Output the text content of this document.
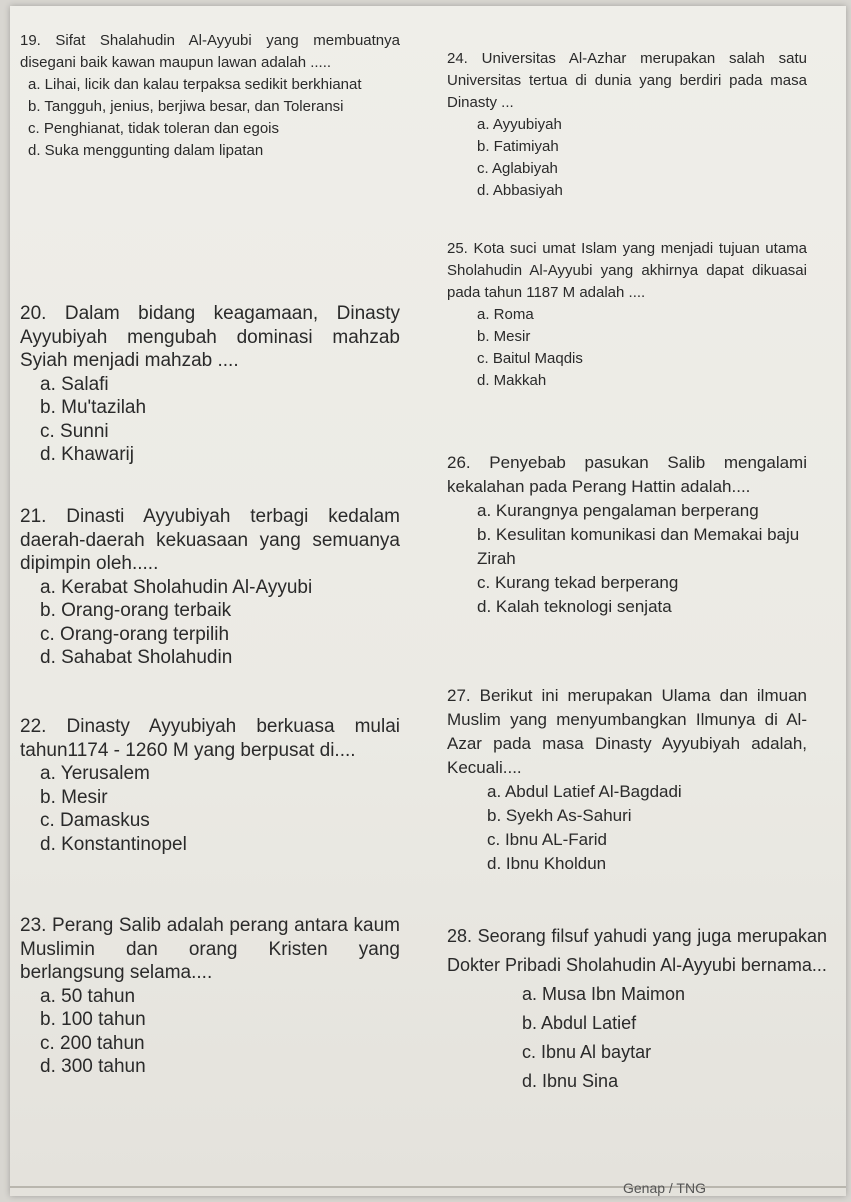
19. Sifat Shalahudin Al-Ayyubi yang membuatnya disegani baik kawan maupun lawan adalah .....

a. Lihai, licik dan kalau terpaksa sedikit berkhianat
b. Tangguh, jenius, berjiwa besar, dan Toleransi
c. Penghianat, tidak toleran dan egois
d. Suka menggunting dalam lipatan

20. Dalam bidang keagamaan, Dinasty Ayyubiyah mengubah dominasi mahzab Syiah menjadi mahzab ....

a. Salafi
b. Mu'tazilah
c. Sunni
d. Khawarij

21. Dinasti Ayyubiyah terbagi kedalam daerah-daerah kekuasaan yang semuanya dipimpin oleh.....

a. Kerabat Sholahudin Al-Ayyubi
b. Orang-orang terbaik
c. Orang-orang terpilih
d. Sahabat Sholahudin

22. Dinasty Ayyubiyah berkuasa mulai tahun1174 - 1260 M yang berpusat di....

a. Yerusalem
b. Mesir
c. Damaskus
d. Konstantinopel

23. Perang Salib adalah perang antara kaum Muslimin dan orang Kristen yang berlangsung selama....

a. 50 tahun
b. 100 tahun
c. 200 tahun
d. 300 tahun

24. Universitas Al-Azhar merupakan salah satu Universitas tertua di dunia yang berdiri pada masa Dinasty ...

a. Ayyubiyah
b. Fatimiyah
c. Aglabiyah
d. Abbasiyah

25. Kota suci umat Islam yang menjadi tujuan utama Sholahudin Al-Ayyubi yang akhirnya dapat dikuasai pada tahun 1187 M adalah ....

a. Roma
b. Mesir
c. Baitul Maqdis
d. Makkah

26. Penyebab pasukan Salib mengalami kekalahan pada Perang Hattin adalah....

a. Kurangnya pengalaman berperang
b. Kesulitan komunikasi dan Memakai baju Zirah
c. Kurang tekad berperang
d. Kalah teknologi senjata

27. Berikut ini merupakan Ulama dan ilmuan Muslim yang menyumbangkan Ilmunya di Al-Azar pada masa Dinasty Ayyubiyah adalah, Kecuali....

a. Abdul Latief Al-Bagdadi
b. Syekh As-Sahuri
c. Ibnu AL-Farid
d. Ibnu Kholdun

28. Seorang filsuf yahudi yang juga merupakan Dokter Pribadi Sholahudin Al-Ayyubi bernama...

a. Musa Ibn Maimon
b. Abdul Latief
c. Ibnu Al baytar
d. Ibnu Sina
Genap / TNG
